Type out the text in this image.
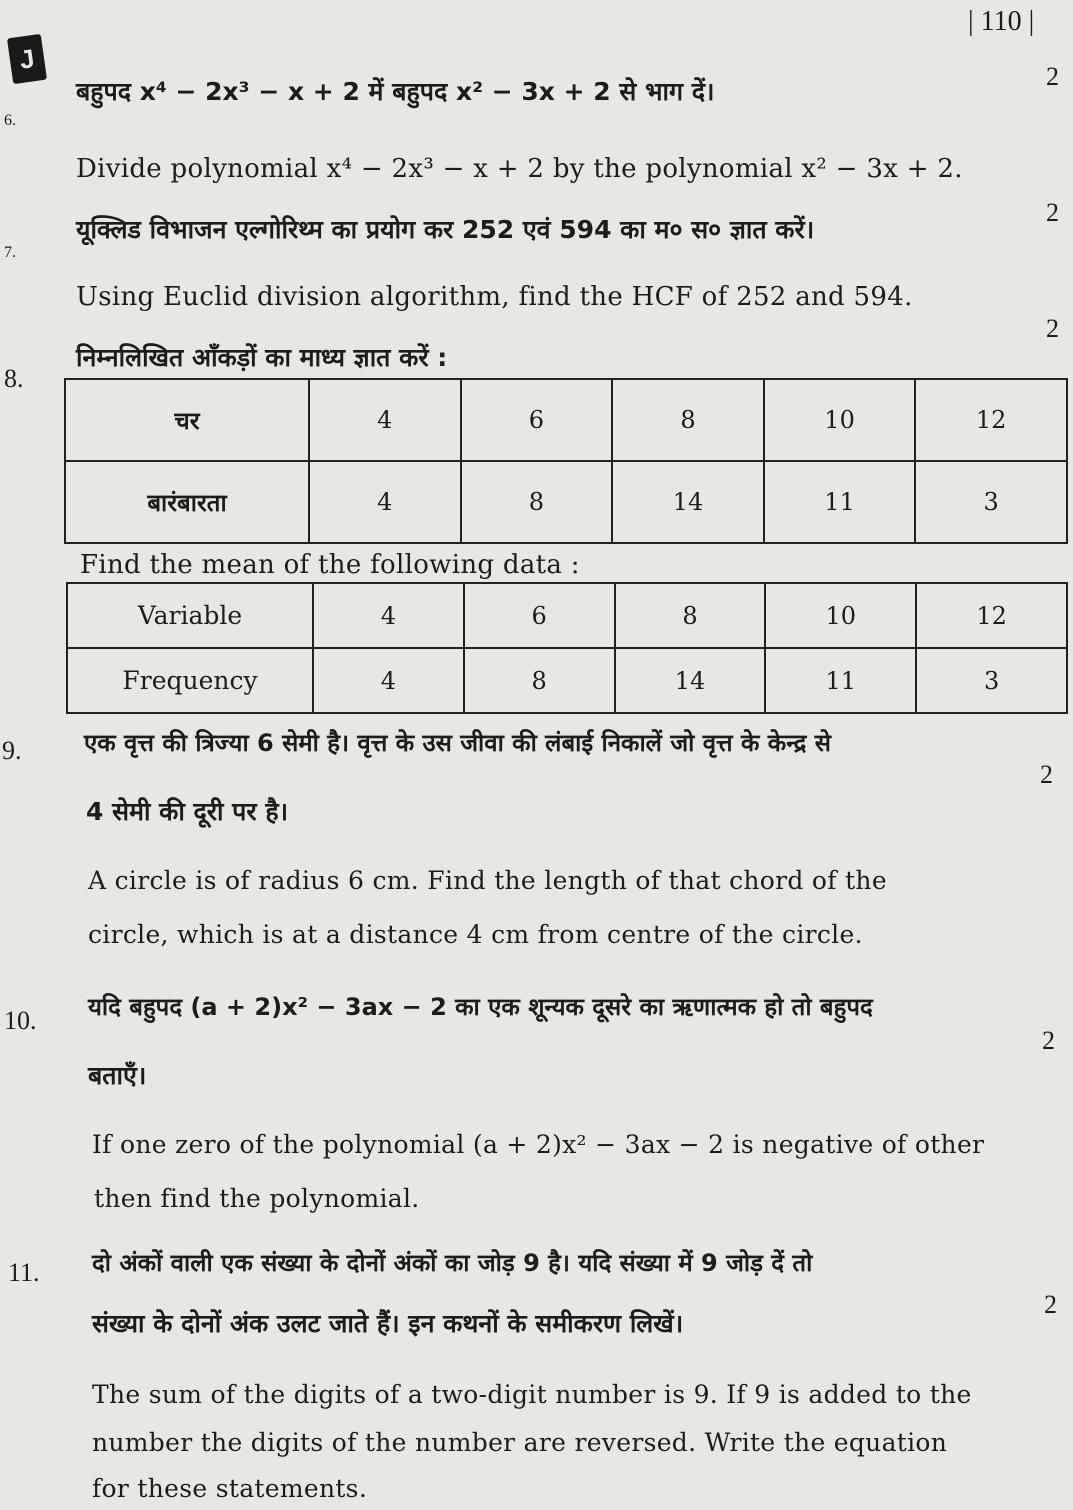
| 110 |
J
6.
बहुपद x⁴ − 2x³ − x + 2 में बहुपद x² − 3x + 2 से भाग दें।
2
Divide polynomial x⁴ − 2x³ − x + 2 by the polynomial x² − 3x + 2.
7.
यूक्लिड विभाजन एल्गोरिथ्म का प्रयोग कर 252 एवं 594 का म० स० ज्ञात करें।
2
Using Euclid division algorithm, find the HCF of 252 and 594.
8.
2
निम्नलिखित आँकड़ों का माध्य ज्ञात करें :
चर	4	6	8	10	12
बारंबारता	4	8	14	11	3
Find the mean of the following data :
Variable	4	6	8	10	12
Frequency	4	8	14	11	3
9.	एक वृत्त की त्रिज्या 6 सेमी है। वृत्त के उस जीवा की लंबाई निकालें जो वृत्त के केन्द्र से
2
4 सेमी की दूरी पर है।
A circle is of radius 6 cm. Find the length of that chord of the
circle, which is at a distance 4 cm from centre of the circle.
10. यदि बहुपद (a + 2)x² − 3ax − 2 का एक शून्यक दूसरे का ऋणात्मक हो तो बहुपद
2
बताएँ।
If one zero of the polynomial (a + 2)x² − 3ax − 2 is negative of other
then find the polynomial.
11. दो अंकों वाली एक संख्या के दोनों अंकों का जोड़ 9 है। यदि संख्या में 9 जोड़ दें तो
2
संख्या के दोनों अंक उलट जाते हैं। इन कथनों के समीकरण लिखें।
The sum of the digits of a two-digit number is 9. If 9 is added to the
number the digits of the number are reversed. Write the equation
for these statements.
